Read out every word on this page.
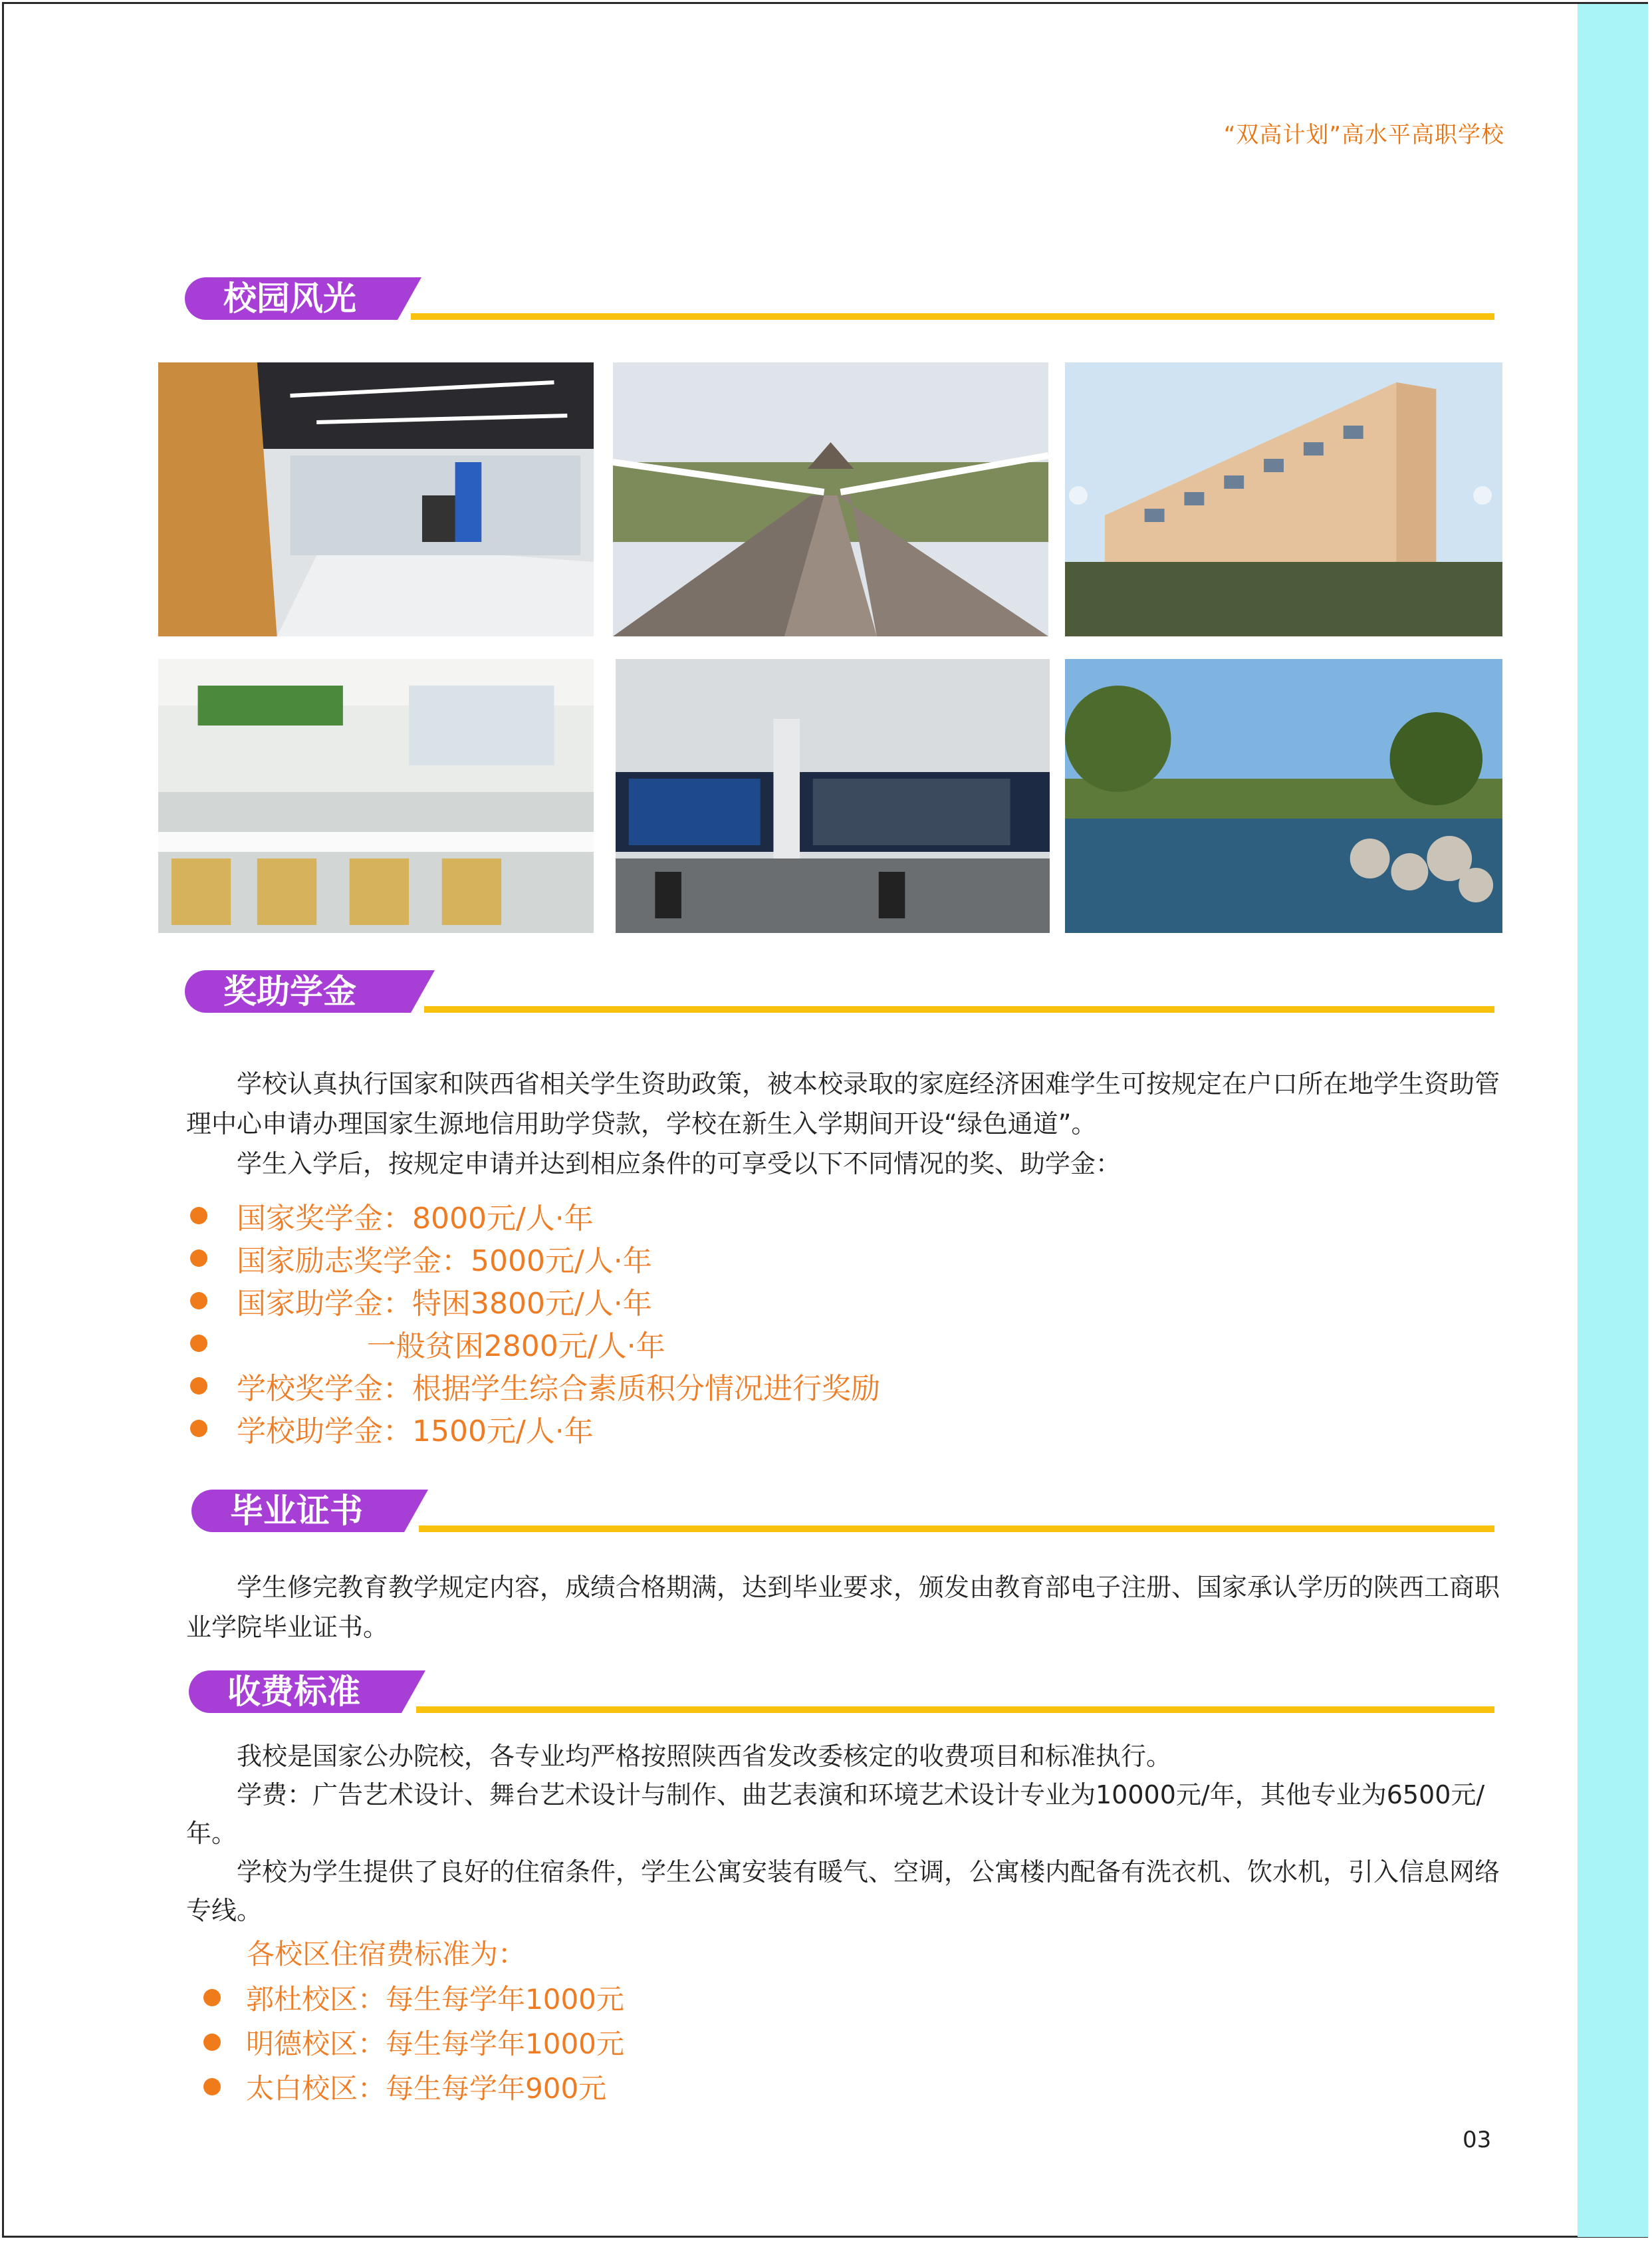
“双高计划”高水平高职学校
校园风光
奖助学金

学校认真执行国家和陕西省相关学生资助政策，被本校录取的家庭经济困难学生可按规定在户口所在地学生资助管理中心申请办理国家生源地信用助学贷款，学校在新生入学期间开设“绿色通道”。

学生入学后，按规定申请并达到相应条件的可享受以下不同情况的奖、助学金：

国家奖学金：8000元/人·年
国家励志奖学金：5000元/人·年
国家助学金：特困3800元/人·年
一般贫困2800元/人·年
学校奖学金：根据学生综合素质积分情况进行奖励
学校助学金：1500元/人·年
毕业证书

学生修完教育教学规定内容，成绩合格期满，达到毕业要求，颁发由教育部电子注册、国家承认学历的陕西工商职业学院毕业证书。

收费标准

我校是国家公办院校，各专业均严格按照陕西省发改委核定的收费项目和标准执行。

学费：广告艺术设计、舞台艺术设计与制作、曲艺表演和环境艺术设计专业为10000元/年，其他专业为6500元/年。

学校为学生提供了良好的住宿条件，学生公寓安装有暖气、空调，公寓楼内配备有洗衣机、饮水机，引入信息网络专线。

各校区住宿费标准为：
郭杜校区：每生每学年1000元
明德校区：每生每学年1000元
太白校区：每生每学年900元
03
